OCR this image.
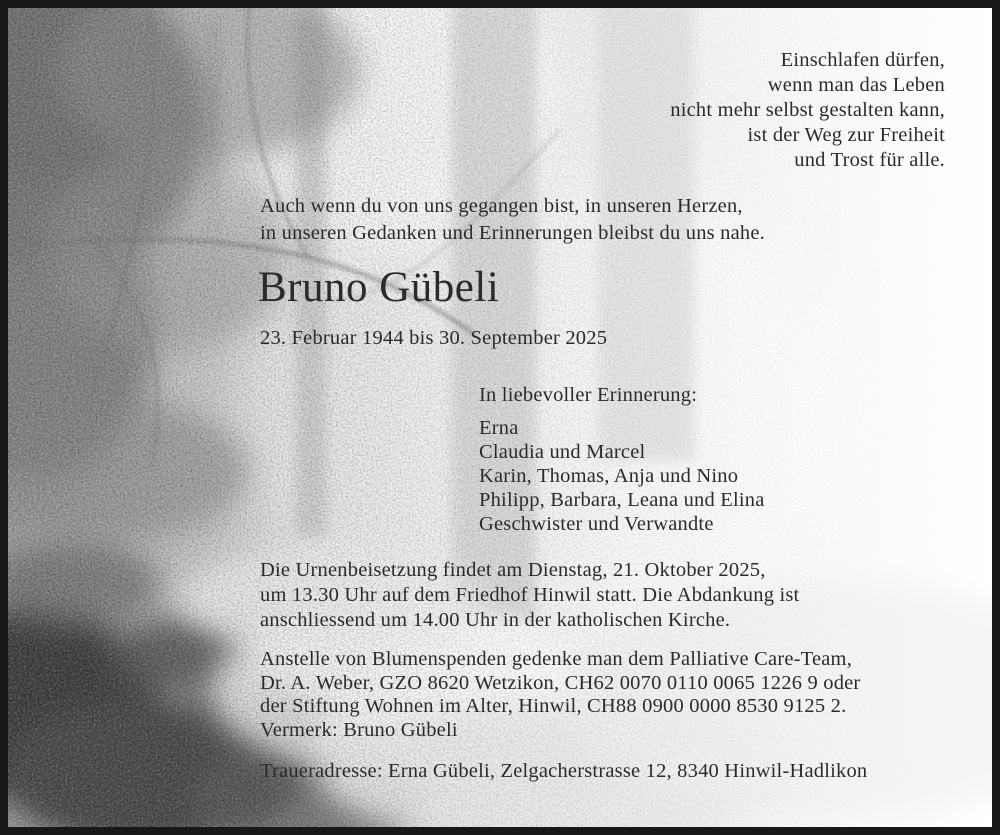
Einschlafen dürfen,
wenn man das Leben
nicht mehr selbst gestalten kann,
ist der Weg zur Freiheit
und Trost für alle.
Auch wenn du von uns gegangen bist, in unseren Herzen,
in unseren Gedanken und Erinnerungen bleibst du uns nahe.
Bruno Gübeli
23. Februar 1944 bis 30. September 2025
In liebevoller Erinnerung:
Erna
Claudia und Marcel
Karin, Thomas, Anja und Nino
Philipp, Barbara, Leana und Elina
Geschwister und Verwandte
Die Urnenbeisetzung findet am Dienstag, 21. Oktober 2025,
um 13.30 Uhr auf dem Friedhof Hinwil statt. Die Abdankung ist
anschliessend um 14.00 Uhr in der katholischen Kirche.
Anstelle von Blumenspenden gedenke man dem Palliative Care-Team,
Dr. A. Weber, GZO 8620 Wetzikon, CH62 0070 0110 0065 1226 9 oder
der Stiftung Wohnen im Alter, Hinwil, CH88 0900 0000 8530 9125 2.
Vermerk: Bruno Gübeli
Traueradresse: Erna Gübeli, Zelgacherstrasse 12, 8340 Hinwil-Hadlikon
